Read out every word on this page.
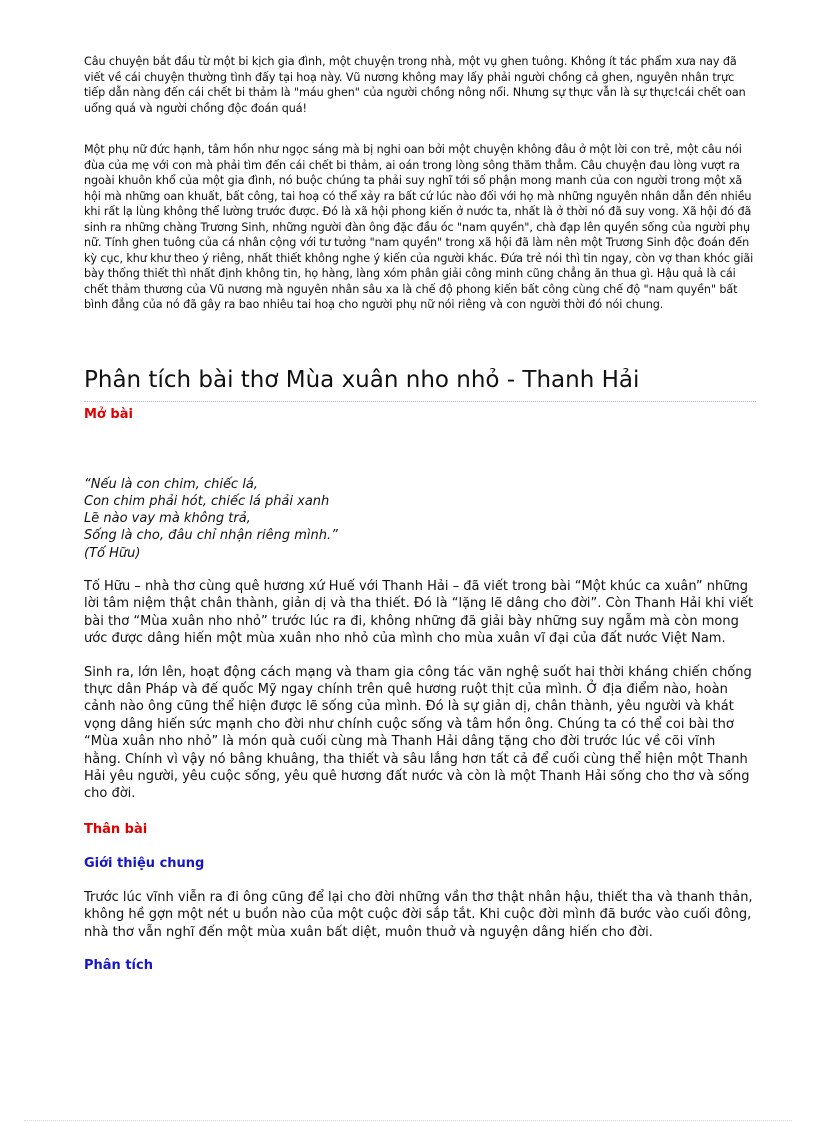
Câu chuyện bắt đầu từ một bi kịch gia đình, một chuyện trong nhà, một vụ ghen tuông. Không ít tác phẩm xưa nay đã viết về cái chuyện thường tình đấy tại hoạ này. Vũ nương không may lấy phải người chồng cả ghen, nguyên nhân trực tiếp dẫn nàng đến cái chết bi thảm là "máu ghen" của người chồng nông nổi. Nhưng sự thực vẫn là sự thực!cái chết oan uổng quá và người chồng độc đoán quá!

Một phụ nữ đức hạnh, tâm hồn như ngọc sáng mà bị nghi oan bởi một chuyện không đâu ở một lời con trẻ, một câu nói đùa của mẹ với con mà phải tìm đến cái chết bi thảm, ai oán trong lòng sông thăm thẳm. Câu chuyện đau lòng vượt ra ngoài khuôn khổ của một gia đình, nó buộc chúng ta phải suy nghĩ tới số phận mong manh của con người trong một xã hội mà những oan khuất, bất công, tai hoạ có thể xảy ra bất cứ lúc nào đối với họ mà những nguyên nhân dẫn đến nhiều khi rất lạ lùng không thể lường trước được. Đó là xã hội phong kiến ở nước ta, nhất là ở thời nó đã suy vong. Xã hội đó đã sinh ra những chàng Trương Sinh, những người đàn ông đặc đầu óc "nam quyền", chà đạp lên quyền sống của người phụ nữ. Tính ghen tuông của cá nhân cộng với tư tưởng "nam quyền" trong xã hội đã làm nên một Trương Sinh độc đoán đến kỳ cục, khư khư theo ý riêng, nhất thiết không nghe ý kiến của người khác. Đứa trẻ nói thì tin ngay, còn vợ than khóc giãi bày thống thiết thì nhất định không tin, họ hàng, làng xóm phân giải công minh cũng chẳng ăn thua gì. Hậu quả là cái chết thảm thương của Vũ nương mà nguyên nhân sâu xa là chế độ phong kiến bất công cùng chế độ "nam quyền" bất bình đẳng của nó đã gây ra bao nhiêu tai hoạ cho người phụ nữ nói riêng và con người thời đó nói chung.

Phân tích bài thơ Mùa xuân nho nhỏ - Thanh Hải
Mở bài
“Nếu là con chim, chiếc lá,
Con chim phải hót, chiếc lá phải xanh
Lẽ nào vay mà không trả,
Sống là cho, đâu chỉ nhận riêng mình.”
(Tố Hữu)

Tố Hữu – nhà thơ cùng quê hương xứ Huế với Thanh Hải – đã viết trong bài “Một khúc ca xuân” những lời tâm niệm thật chân thành, giản dị và tha thiết. Đó là “lặng lẽ dâng cho đời”. Còn Thanh Hải khi viết bài thơ “Mùa xuân nho nhỏ” trước lúc ra đi, không những đã giải bày những suy ngẫm mà còn mong ước được dâng hiến một mùa xuân nho nhỏ của mình cho mùa xuân vĩ đại của đất nước Việt Nam.

Sinh ra, lớn lên, hoạt động cách mạng và tham gia công tác văn nghệ suốt hai thời kháng chiến chống thực dân Pháp và đế quốc Mỹ ngay chính trên quê hương ruột thịt của mình. Ở địa điểm nào, hoàn cảnh nào ông cũng thể hiện được lẽ sống của mình. Đó là sự giản dị, chân thành, yêu người và khát vọng dâng hiến sức mạnh cho đời như chính cuộc sống và tâm hồn ông. Chúng ta có thể coi bài thơ “Mùa xuân nho nhỏ” là món quà cuối cùng mà Thanh Hải dâng tặng cho đời trước lúc về cõi vĩnh hằng. Chính vì vậy nó bâng khuâng, tha thiết và sâu lắng hơn tất cả để cuối cùng thể hiện một Thanh Hải yêu người, yêu cuộc sống, yêu quê hương đất nước và còn là một Thanh Hải sống cho thơ và sống cho đời.

Thân bài
Giới thiệu chung

Trước lúc vĩnh viễn ra đi ông cũng để lại cho đời những vần thơ thật nhân hậu, thiết tha và thanh thản, không hề gợn một nét u buồn nào của một cuộc đời sắp tắt. Khi cuộc đời mình đã bước vào cuối đông, nhà thơ vẫn nghĩ đến một mùa xuân bất diệt, muôn thuở và nguyện dâng hiến cho đời.

Phân tích
